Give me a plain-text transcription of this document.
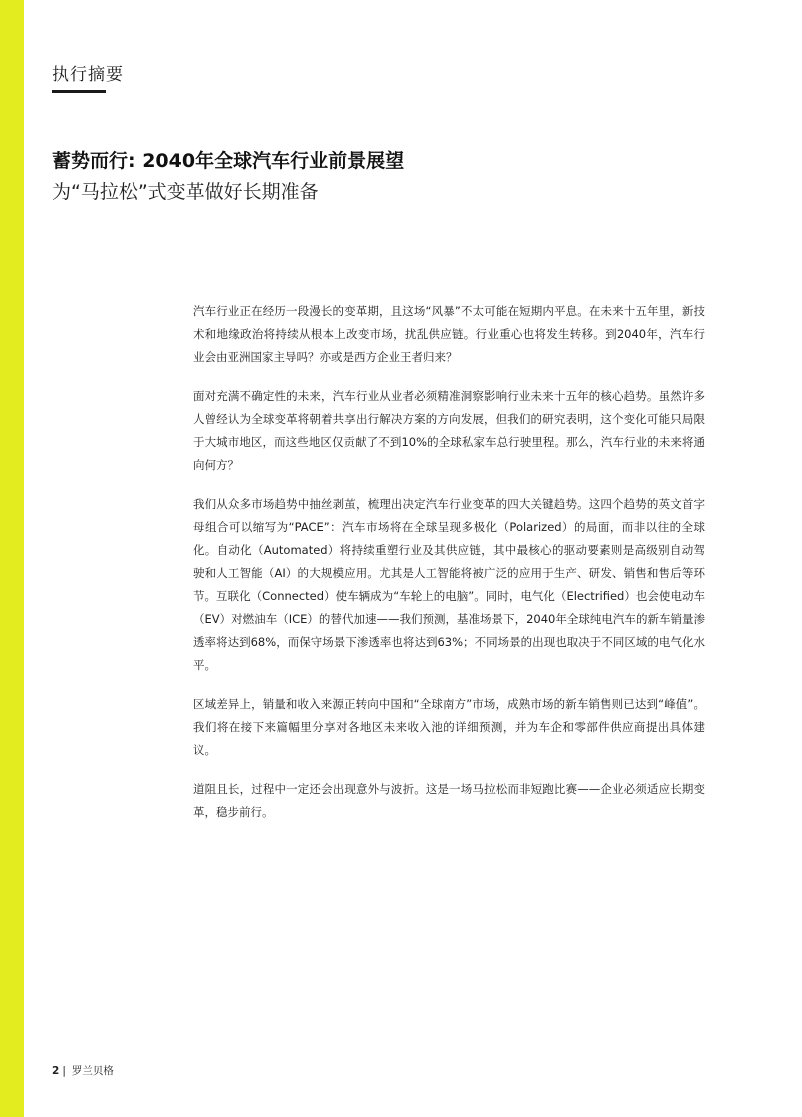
执行摘要
蓄势而行: 2040年全球汽车行业前景展望
为“马拉松”式变革做好长期准备

汽车行业正在经历一段漫长的变革期，且这场“风暴”不太可能在短期内平息。在未来十五年里，新技术和地缘政治将持续从根本上改变市场，扰乱供应链。行业重心也将发生转移。到2040年，汽车行业会由亚洲国家主导吗？亦或是西方企业王者归来？

面对充满不确定性的未来，汽车行业从业者必须精准洞察影响行业未来十五年的核心趋势。虽然许多人曾经认为全球变革将朝着共享出行解决方案的方向发展，但我们的研究表明，这个变化可能只局限于大城市地区，而这些地区仅贡献了不到10%的全球私家车总行驶里程。那么，汽车行业的未来将通向何方？

我们从众多市场趋势中抽丝剥茧，梳理出决定汽车行业变革的四大关键趋势。这四个趋势的英文首字母组合可以缩写为“PACE”：汽车市场将在全球呈现多极化（Polarized）的局面，而非以往的全球化。自动化（Automated）将持续重塑行业及其供应链，其中最核心的驱动要素则是高级别自动驾驶和人工智能（AI）的大规模应用。尤其是人工智能将被广泛的应用于生产、研发、销售和售后等环节。互联化（Connected）使车辆成为“车轮上的电脑”。同时，电气化（Electrified）也会使电动车（EV）对燃油车（ICE）的替代加速——我们预测，基准场景下，2040年全球纯电汽车的新车销量渗透率将达到68%，而保守场景下渗透率也将达到63%；不同场景的出现也取决于不同区域的电气化水平。

区域差异上，销量和收入来源正转向中国和“全球南方”市场，成熟市场的新车销售则已达到“峰值”。我们将在接下来篇幅里分享对各地区未来收入池的详细预测，并为车企和零部件供应商提出具体建议。

道阻且长，过程中一定还会出现意外与波折。这是一场马拉松而非短跑比赛——企业必须适应长期变革，稳步前行。

2 | 罗兰贝格
